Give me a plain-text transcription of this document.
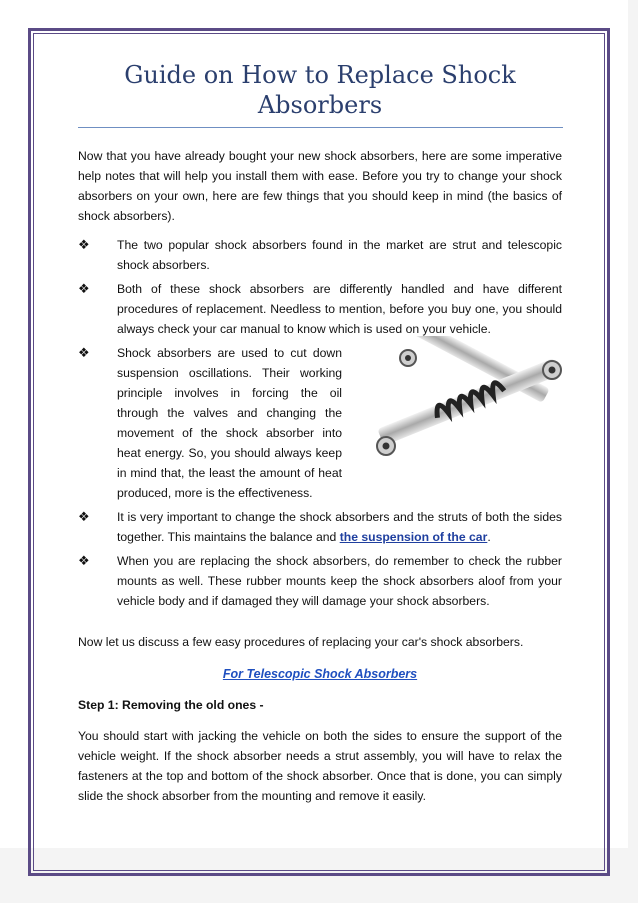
Guide on How to Replace Shock
Absorbers
Now that you have already bought your new shock absorbers, here are some imperative help notes that will help you install them with ease. Before you try to change your shock absorbers on your own, here are few things that you should keep in mind (the basics of shock absorbers).
❖ The two popular shock absorbers found in the market are strut and telescopic shock absorbers.
❖ Both of these shock absorbers are differently handled and have different procedures of replacement. Needless to mention, before you buy one, you should always check your car manual to know which is used on your vehicle.
❖ Shock absorbers are used to cut down suspension oscillations. Their working principle involves in forcing the oil through the valves and changing the movement of the shock absorber into heat energy. So, you should always keep in mind that, the least the amount of heat produced, more is the effectiveness.
❖ It is very important to change the shock absorbers and the struts of both the sides together. This maintains the balance and the suspension of the car.
❖ When you are replacing the shock absorbers, do remember to check the rubber mounts as well. These rubber mounts keep the shock absorbers aloof from your vehicle body and if damaged they will damage your shock absorbers.
Now let us discuss a few easy procedures of replacing your car's shock absorbers.
For Telescopic Shock Absorbers
Step 1: Removing the old ones -
You should start with jacking the vehicle on both the sides to ensure the support of the vehicle weight. If the shock absorber needs a strut assembly, you will have to relax the fasteners at the top and bottom of the shock absorber. Once that is done, you can simply slide the shock absorber from the mounting and remove it easily.
